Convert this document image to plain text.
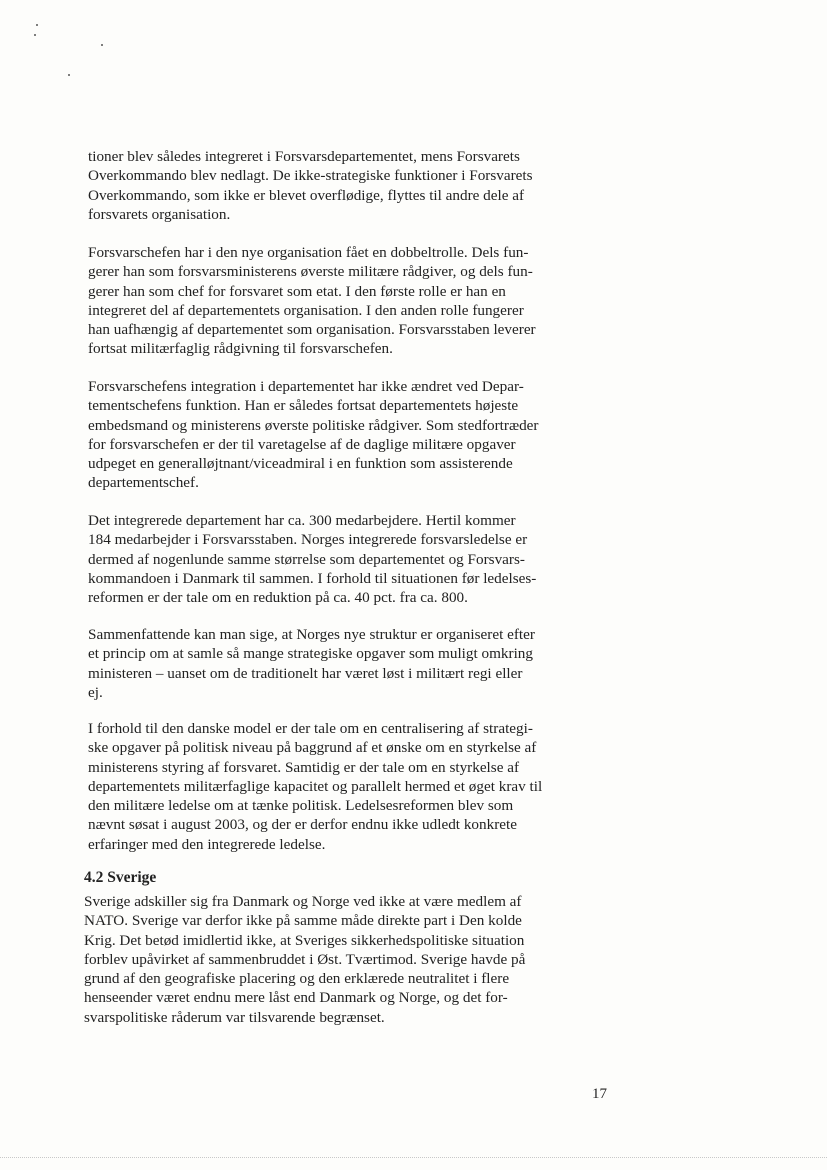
tioner blev således integreret i Forsvarsdepartementet, mens Forsvarets
Overkommando blev nedlagt. De ikke-strategiske funktioner i Forsvarets
Overkommando, som ikke er blevet overflødige, flyttes til andre dele af
forsvarets organisation.
Forsvarschefen har i den nye organisation fået en dobbeltrolle. Dels fun-
gerer han som forsvarsministerens øverste militære rådgiver, og dels fun-
gerer han som chef for forsvaret som etat. I den første rolle er han en
integreret del af departementets organisation. I den anden rolle fungerer
han uafhængig af departementet som organisation. Forsvarsstaben leverer
fortsat militærfaglig rådgivning til forsvarschefen.
Forsvarschefens integration i departementet har ikke ændret ved Depar-
tementschefens funktion. Han er således fortsat departementets højeste
embedsmand og ministerens øverste politiske rådgiver. Som stedfortræder
for forsvarschefen er der til varetagelse af de daglige militære opgaver
udpeget en generalløjtnant/viceadmiral i en funktion som assisterende
departementschef.
Det integrerede departement har ca. 300 medarbejdere. Hertil kommer
184 medarbejder i Forsvarsstaben. Norges integrerede forsvarsledelse er
dermed af nogenlunde samme størrelse som departementet og Forsvars-
kommandoen i Danmark til sammen. I forhold til situationen før ledelses-
reformen er der tale om en reduktion på ca. 40 pct. fra ca. 800.
Sammenfattende kan man sige, at Norges nye struktur er organiseret efter
et princip om at samle så mange strategiske opgaver som muligt omkring
ministeren – uanset om de traditionelt har været løst i militært regi eller
ej.
I forhold til den danske model er der tale om en centralisering af strategi-
ske opgaver på politisk niveau på baggrund af et ønske om en styrkelse af
ministerens styring af forsvaret. Samtidig er der tale om en styrkelse af
departementets militærfaglige kapacitet og parallelt hermed et øget krav til
den militære ledelse om at tænke politisk. Ledelsesreformen blev som
nævnt søsat i august 2003, og der er derfor endnu ikke udledt konkrete
erfaringer med den integrerede ledelse.
4.2 Sverige
Sverige adskiller sig fra Danmark og Norge ved ikke at være medlem af
NATO. Sverige var derfor ikke på samme måde direkte part i Den kolde
Krig. Det betød imidlertid ikke, at Sveriges sikkerhedspolitiske situation
forblev upåvirket af sammenbruddet i Øst. Tværtimod. Sverige havde på
grund af den geografiske placering og den erklærede neutralitet i flere
henseender været endnu mere låst end Danmark og Norge, og det for-
svarspolitiske råderum var tilsvarende begrænset.
17
